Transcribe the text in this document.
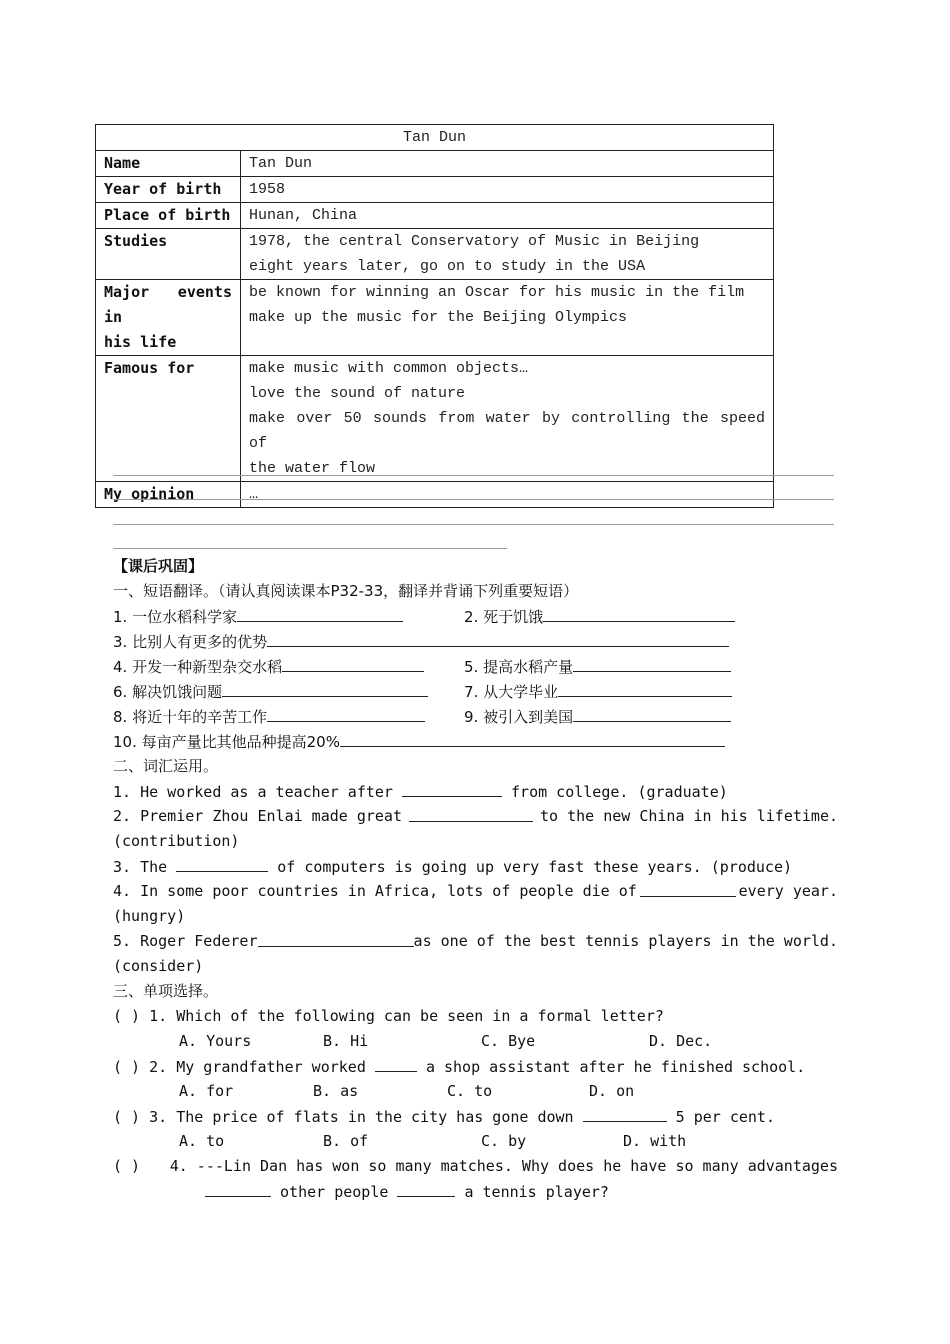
Tan Dun	

Name	Tan Dun

Year of birth	1958

Place of birth	Hunan, China

Studies	1978, the central Conservatory of Music in Beijing
eight years later, go on to study in the USA

Major events in
his life	be known for winning an Oscar for his music in the film
make up the music for the Beijing Olympics

Famous for	make music with common objects…
love the sound of nature
make over 50 sounds from water by controlling the speed of
the water flow

My opinion	…
【课后巩固】
一、短语翻译。（请认真阅读课本P32-33，翻译并背诵下列重要短语）
1. 一位水稻科学家	2. 死于饥饿
3. 比别人有更多的优势
4. 开发一种新型杂交水稻	5. 提高水稻产量
6. 解决饥饿问题	7. 从大学毕业
8. 将近十年的辛苦工作	9. 被引入到美国
10. 每亩产量比其他品种提高20%
二、词汇运用。
1. He worked as a teacher after	from college. (graduate)
2. Premier Zhou Enlai made great	to the new China in his lifetime.
(contribution)
3. The	of computers is going up very fast these years. (produce)
4. In some poor countries in Africa, lots of people die of	every year.
(hungry)
5. Roger Federer	as one of the best tennis players in the world.
(consider)
三、单项选择。
( ) 1. Which of the following can be seen in a formal letter?
A. Yours	B. Hi	C. Bye	D. Dec.
( ) 2. My grandfather worked	a shop assistant after he finished school.
A. for	B. as	C. to	D. on
( ) 3. The price of flats in the city has gone down	5 per cent.
A. to	B. of	C. by	D. with
( ) 4. ---Lin Dan has won so many matches. Why does he have so many advantages
other people	a tennis player?
